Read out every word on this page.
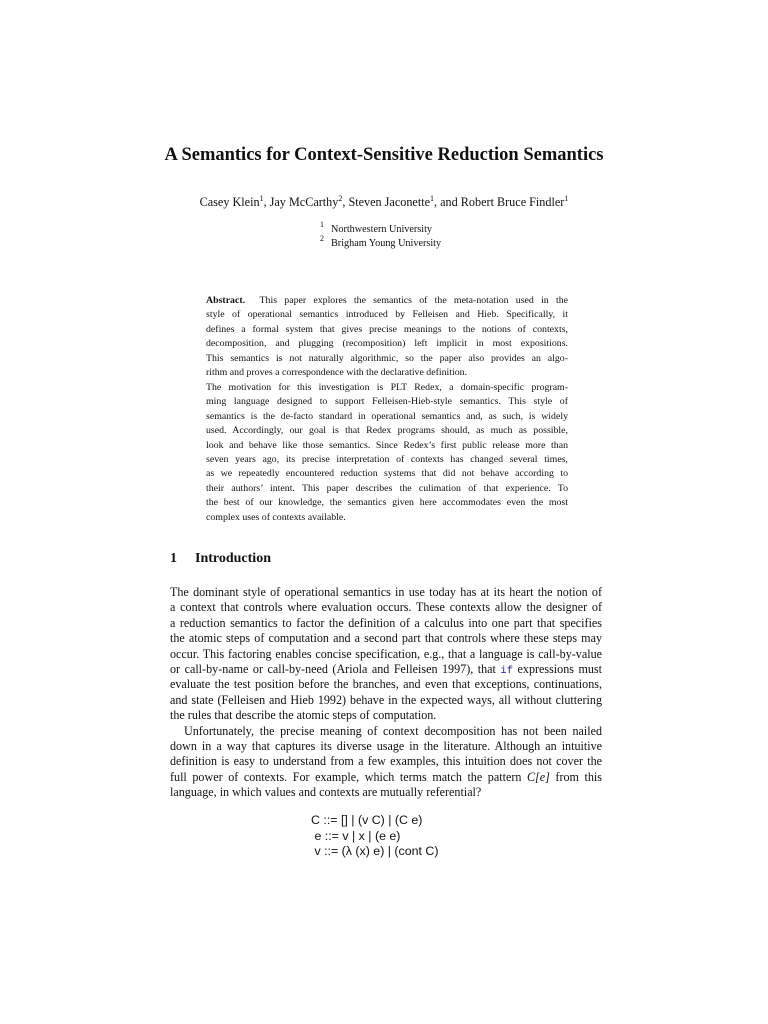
A Semantics for Context-Sensitive Reduction Semantics
Casey Klein$^1$, Jay McCarthy$^2$, Steven Jaconette$^1$, and Robert Bruce Findler$^1$
$^1$ Northwestern University
$^2$ Brigham Young University
Abstract. This paper explores the semantics of the meta-notation used in the
style of operational semantics introduced by Felleisen and Hieb. Specifically, it
defines a formal system that gives precise meanings to the notions of contexts,
decomposition, and plugging (recomposition) left implicit in most expositions.
This semantics is not naturally algorithmic, so the paper also provides an algo-
rithm and proves a correspondence with the declarative definition.
The motivation for this investigation is PLT Redex, a domain-specific program-
ming language designed to support Felleisen-Hieb-style semantics. This style of
semantics is the de-facto standard in operational semantics and, as such, is widely
used. Accordingly, our goal is that Redex programs should, as much as possible,
look and behave like those semantics. Since Redex’s first public release more than
seven years ago, its precise interpretation of contexts has changed several times,
as we repeatedly encountered reduction systems that did not behave according to
their authors’ intent. This paper describes the culimation of that experience. To
the best of our knowledge, the semantics given here accommodates even the most
complex uses of contexts available.
1 Introduction
The dominant style of operational semantics in use today has at its heart the notion of
a context that controls where evaluation occurs. These contexts allow the designer of
a reduction semantics to factor the definition of a calculus into one part that specifies
the atomic steps of computation and a second part that controls where these steps may
occur. This factoring enables concise specification, e.g., that a language is call-by-value
or call-by-name or call-by-need (Ariola and Felleisen 1997), that if expressions must
evaluate the test position before the branches, and even that exceptions, continuations,
and state (Felleisen and Hieb 1992) behave in the expected ways, all without cluttering
the rules that describe the atomic steps of computation.
Unfortunately, the precise meaning of context decomposition has not been nailed
down in a way that captures its diverse usage in the literature. Although an intuitive
definition is easy to understand from a few examples, this intuition does not cover the
full power of contexts. For example, which terms match the pattern C[e] from this
language, in which values and contexts are mutually referential?
C ::= [] | (v C) | (C e)
e ::= v | x | (e e)
v ::= (λ (x) e) | (cont C)
